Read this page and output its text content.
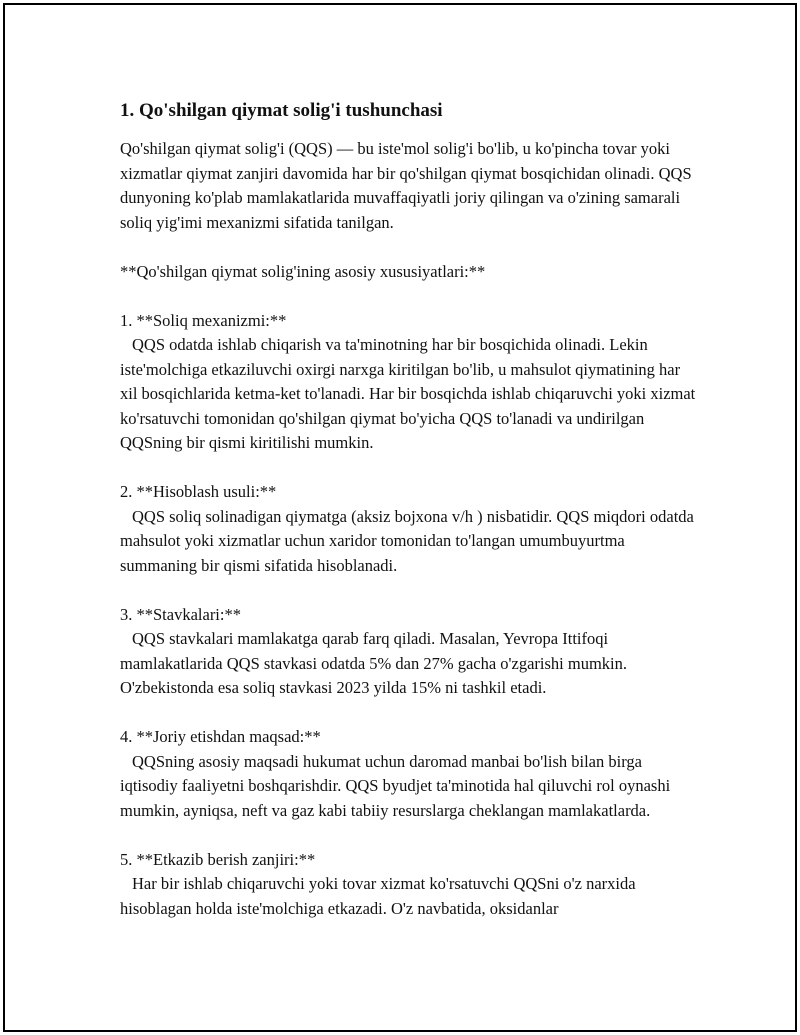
1. Qo'shilgan qiymat solig'i tushunchasi

Qo'shilgan qiymat solig'i (QQS) — bu iste'mol solig'i bo'lib, u ko'pincha tovar yoki xizmatlar qiymat zanjiri davomida har bir qo'shilgan qiymat bosqichidan olinadi. QQS dunyoning ko'plab mamlakatlarida muvaffaqiyatli joriy qilingan va o'zining samarali soliq yig'imi mexanizmi sifatida tanilgan.

**Qo'shilgan qiymat solig'ining asosiy xususiyatlari:**

1. **Soliq mexanizmi:**

QQS odatda ishlab chiqarish va ta'minotning har bir bosqichida olinadi. Lekin iste'molchiga etkaziluvchi oxirgi narxga kiritilgan bo'lib, u mahsulot qiymatining har xil bosqichlarida ketma-ket to'lanadi. Har bir bosqichda ishlab chiqaruvchi yoki xizmat ko'rsatuvchi tomonidan qo'shilgan qiymat bo'yicha QQS to'lanadi va undirilgan QQSning bir qismi kiritilishi mumkin.

2. **Hisoblash usuli:**

QQS soliq solinadigan qiymatga (aksiz bojxona v/h ) nisbatidir. QQS miqdori odatda mahsulot yoki xizmatlar uchun xaridor tomonidan to'langan umumbuyurtma summaning bir qismi sifatida hisoblanadi.

3. **Stavkalari:**

QQS stavkalari mamlakatga qarab farq qiladi. Masalan, Yevropa Ittifoqi mamlakatlarida QQS stavkasi odatda 5% dan 27% gacha o'zgarishi mumkin. O'zbekistonda esa soliq stavkasi 2023 yilda 15% ni tashkil etadi.

4. **Joriy etishdan maqsad:**

QQSning asosiy maqsadi hukumat uchun daromad manbai bo'lish bilan birga iqtisodiy faaliyetni boshqarishdir. QQS byudjet ta'minotida hal qiluvchi rol oynashi mumkin, ayniqsa, neft va gaz kabi tabiiy resurslarga cheklangan mamlakatlarda.

5. **Etkazib berish zanjiri:**

Har bir ishlab chiqaruvchi yoki tovar xizmat ko'rsatuvchi QQSni o'z narxida hisoblagan holda iste'molchiga etkazadi. O'z navbatida, oksidanlar
